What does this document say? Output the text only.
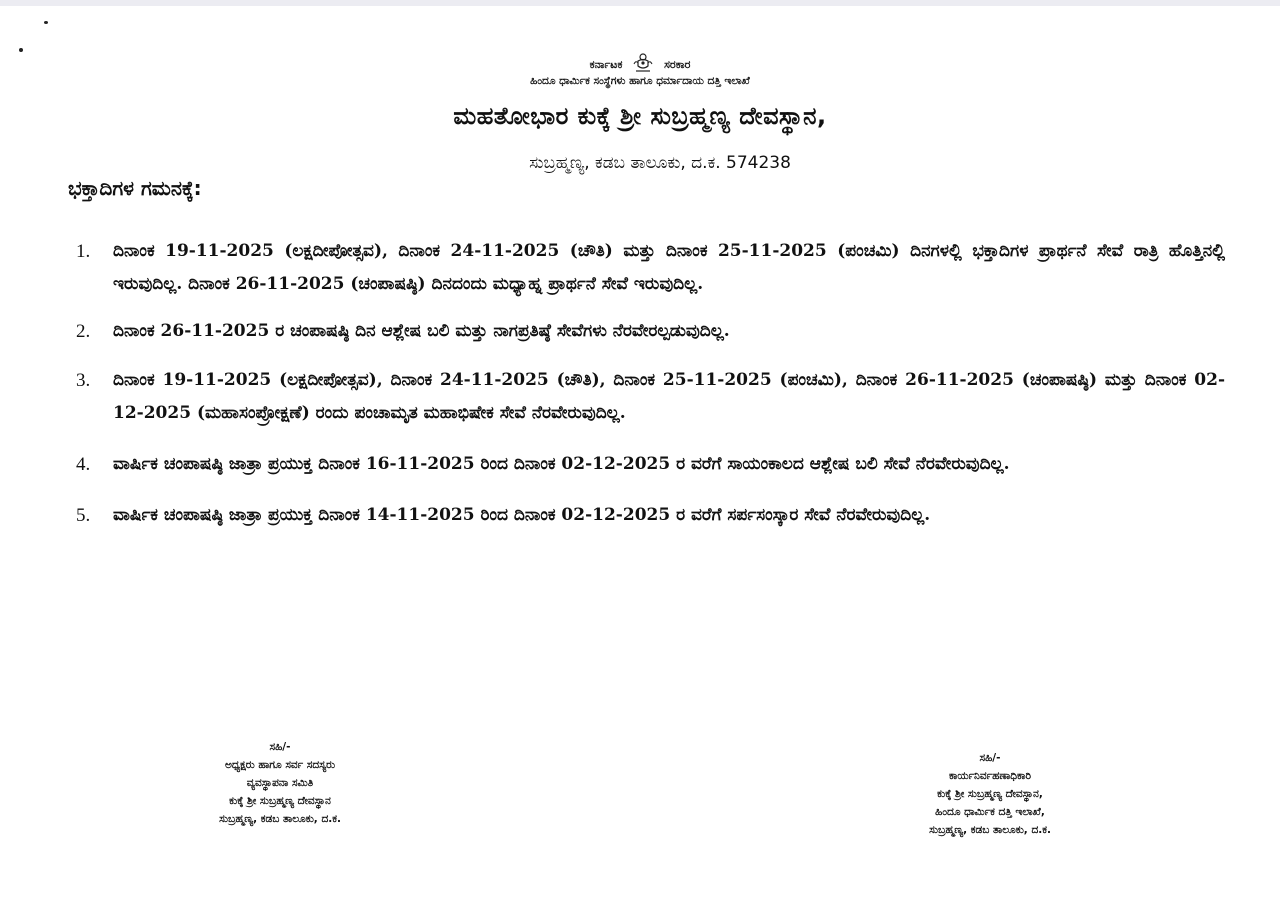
ಕರ್ನಾಟಕ	ಸರಕಾರ
ಹಿಂದೂ ಧಾರ್ಮಿಕ ಸಂಸ್ಥೆಗಳು ಹಾಗೂ ಧರ್ಮಾದಾಯ ದತ್ತಿ ಇಲಾಖೆ
ಮಹತೋಭಾರ ಕುಕ್ಕೆ ಶ್ರೀ ಸುಬ್ರಹ್ಮಣ್ಯ ದೇವಸ್ಥಾನ,
ಸುಬ್ರಹ್ಮಣ್ಯ, ಕಡಬ ತಾಲೂಕು, ದ.ಕ. 574238
ಭಕ್ತಾದಿಗಳ ಗಮನಕ್ಕೆ:
1. ದಿನಾಂಕ 19-11-2025 (ಲಕ್ಷದೀಪೋತ್ಸವ), ದಿನಾಂಕ 24-11-2025 (ಚೌತಿ) ಮತ್ತು ದಿನಾಂಕ 25-11-2025 (ಪಂಚಮಿ) ದಿನಗಳಲ್ಲಿ ಭಕ್ತಾದಿಗಳ ಪ್ರಾರ್ಥನೆ ಸೇವೆ ರಾತ್ರಿ ಹೊತ್ತಿನಲ್ಲಿ ಇರುವುದಿಲ್ಲ. ದಿನಾಂಕ 26-11-2025 (ಚಂಪಾಷಷ್ಠಿ) ದಿನದಂದು ಮಧ್ಯಾಹ್ನ ಪ್ರಾರ್ಥನೆ ಸೇವೆ ಇರುವುದಿಲ್ಲ.
2. ದಿನಾಂಕ 26-11-2025 ರ ಚಂಪಾಷಷ್ಠಿ ದಿನ ಆಶ್ಲೇಷ ಬಲಿ ಮತ್ತು ನಾಗಪ್ರತಿಷ್ಠೆ ಸೇವೆಗಳು ನೆರವೇರಲ್ಪಡುವುದಿಲ್ಲ.
3. ದಿನಾಂಕ 19-11-2025 (ಲಕ್ಷದೀಪೋತ್ಸವ), ದಿನಾಂಕ 24-11-2025 (ಚೌತಿ), ದಿನಾಂಕ 25-11-2025 (ಪಂಚಮಿ), ದಿನಾಂಕ 26-11-2025 (ಚಂಪಾಷಷ್ಠಿ) ಮತ್ತು ದಿನಾಂಕ 02-12-2025 (ಮಹಾಸಂಪ್ರೋಕ್ಷಣೆ) ರಂದು ಪಂಚಾಮೃತ ಮಹಾಭಿಷೇಕ ಸೇವೆ ನೆರವೇರುವುದಿಲ್ಲ.
4. ವಾರ್ಷಿಕ ಚಂಪಾಷಷ್ಠಿ ಜಾತ್ರಾ ಪ್ರಯುಕ್ತ ದಿನಾಂಕ 16-11-2025 ರಿಂದ ದಿನಾಂಕ 02-12-2025 ರ ವರೆಗೆ ಸಾಯಂಕಾಲದ ಆಶ್ಲೇಷ ಬಲಿ ಸೇವೆ ನೆರವೇರುವುದಿಲ್ಲ.
5. ವಾರ್ಷಿಕ ಚಂಪಾಷಷ್ಠಿ ಜಾತ್ರಾ ಪ್ರಯುಕ್ತ ದಿನಾಂಕ 14-11-2025 ರಿಂದ ದಿನಾಂಕ 02-12-2025 ರ ವರೆಗೆ ಸರ್ಪಸಂಸ್ಕಾರ ಸೇವೆ ನೆರವೇರುವುದಿಲ್ಲ.
ಸಹಿ/-
ಅಧ್ಯಕ್ಷರು ಹಾಗೂ ಸರ್ವ ಸದಸ್ಯರು
ವ್ಯವಸ್ಥಾಪನಾ ಸಮಿತಿ
ಕುಕ್ಕೆ ಶ್ರೀ ಸುಬ್ರಹ್ಮಣ್ಯ ದೇವಸ್ಥಾನ
ಸುಬ್ರಹ್ಮಣ್ಯ, ಕಡಬ ತಾಲೂಕು, ದ.ಕ.
ಸಹಿ/-
ಕಾರ್ಯನಿರ್ವಹಣಾಧಿಕಾರಿ
ಕುಕ್ಕೆ ಶ್ರೀ ಸುಬ್ರಹ್ಮಣ್ಯ ದೇವಸ್ಥಾನ,
ಹಿಂದೂ ಧಾರ್ಮಿಕ ದತ್ತಿ ಇಲಾಖೆ,
ಸುಬ್ರಹ್ಮಣ್ಯ, ಕಡಬ ತಾಲೂಕು, ದ.ಕ.
